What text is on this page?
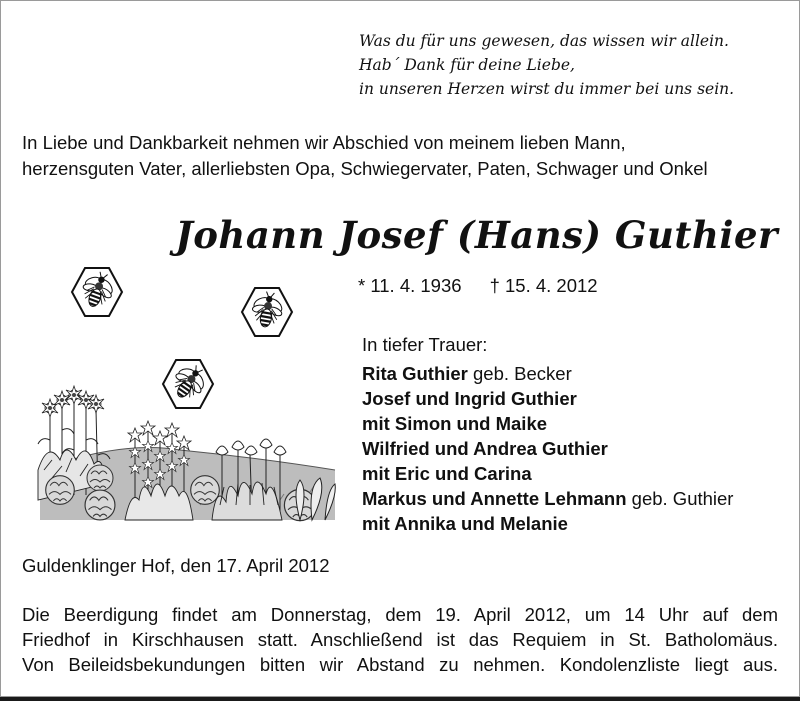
Was du für uns gewesen, das wissen wir allein.
Hab´ Dank für deine Liebe,
in unseren Herzen wirst du immer bei uns sein.
In Liebe und Dankbarkeit nehmen wir Abschied von meinem lieben Mann,
herzensguten Vater, allerliebsten Opa, Schwiegervater, Paten, Schwager und Onkel
Johann Josef (Hans) Guthier
* 11. 4. 1936 † 15. 4. 2012
In tiefer Trauer:
Rita Guthier geb. Becker
Josef und Ingrid Guthier
mit Simon und Maike
Wilfried und Andrea Guthier
mit Eric und Carina
Markus und Annette Lehmann geb. Guthier
mit Annika und Melanie
Guldenklinger Hof, den 17. April 2012
Die Beerdigung findet am Donnerstag, dem 19. April 2012, um 14 Uhr auf dem
Friedhof in Kirschhausen statt. Anschließend ist das Requiem in St. Batholomäus.
Von Beileidsbekundungen bitten wir Abstand zu nehmen. Kondolenzliste liegt aus.
